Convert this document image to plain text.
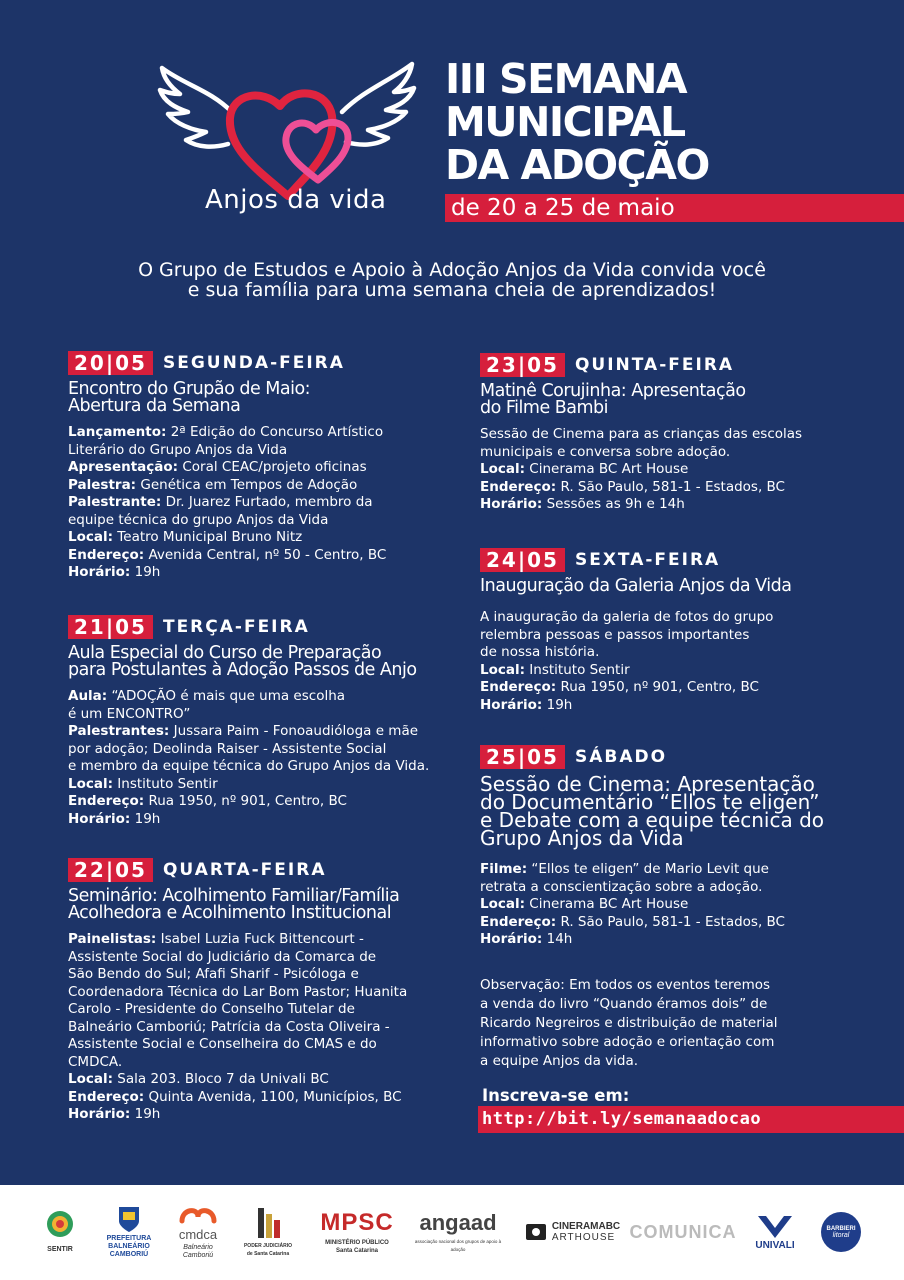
Anjos da vida
III SEMANA
MUNICIPAL
DA ADOÇÃO
de 20 a 25 de maio
O Grupo de Estudos e Apoio à Adoção Anjos da Vida convida você
e sua família para uma semana cheia de aprendizados!
20|05 SEGUNDA-FEIRA
Encontro do Grupão de Maio:
Abertura da Semana
Lançamento: 2ª Edição do Concurso Artístico
Literário do Grupo Anjos da Vida
Apresentação: Coral CEAC/projeto oficinas
Palestra: Genética em Tempos de Adoção
Palestrante: Dr. Juarez Furtado, membro da
equipe técnica do grupo Anjos da Vida
Local: Teatro Municipal Bruno Nitz
Endereço: Avenida Central, nº 50 - Centro, BC
Horário: 19h
21|05 TERÇA-FEIRA
Aula Especial do Curso de Preparação
para Postulantes à Adoção Passos de Anjo
Aula: “ADOÇÃO é mais que uma escolha
é um ENCONTRO”
Palestrantes: Jussara Paim - Fonoaudióloga e mãe
por adoção; Deolinda Raiser - Assistente Social
e membro da equipe técnica do Grupo Anjos da Vida.
Local: Instituto Sentir
Endereço: Rua 1950, nº 901, Centro, BC
Horário: 19h
22|05 QUARTA-FEIRA
Seminário: Acolhimento Familiar/Família
Acolhedora e Acolhimento Institucional
Painelistas: Isabel Luzia Fuck Bittencourt -
Assistente Social do Judiciário da Comarca de
São Bendo do Sul; Afafi Sharif - Psicóloga e
Coordenadora Técnica do Lar Bom Pastor; Huanita
Carolo - Presidente do Conselho Tutelar de
Balneário Camboriú; Patrícia da Costa Oliveira -
Assistente Social e Conselheira do CMAS e do
CMDCA.
Local: Sala 203. Bloco 7 da Univali BC
Endereço: Quinta Avenida, 1100, Municípios, BC
Horário: 19h
23|05 QUINTA-FEIRA
Matinê Corujinha: Apresentação
do Filme Bambi
Sessão de Cinema para as crianças das escolas
municipais e conversa sobre adoção.
Local: Cinerama BC Art House
Endereço: R. São Paulo, 581-1 - Estados, BC
Horário: Sessões as 9h e 14h
24|05 SEXTA-FEIRA
Inauguração da Galeria Anjos da Vida
A inauguração da galeria de fotos do grupo
relembra pessoas e passos importantes
de nossa história.
Local: Instituto Sentir
Endereço: Rua 1950, nº 901, Centro, BC
Horário: 19h
25|05 SÁBADO
Sessão de Cinema: Apresentação
do Documentário “Ellos te eligen”
e Debate com a equipe técnica do
Grupo Anjos da Vida
Filme: “Ellos te eligen” de Mario Levit que
retrata a conscientização sobre a adoção.
Local: Cinerama BC Art House
Endereço: R. São Paulo, 581-1 - Estados, BC
Horário: 14h
Observação: Em todos os eventos teremos
a venda do livro “Quando éramos dois” de
Ricardo Negreiros e distribuição de material
informativo sobre adoção e orientação com
a equipe Anjos da vida.
Inscreva-se em:
http://bit.ly/semanaadocao
SENTIR
PREFEITURA
BALNEÁRIO
CAMBORIÚ
cmdca
Balneário Camboriú
PODER JUDICIÁRIO
de Santa Catarina
MPSC
MINISTÉRIO PÚBLICO
Santa Catarina
angaad
associação nacional dos grupos de apoio à adoção
CINERAMABC
ARTHOUSE COMUNICA
UNIVALI
BARBIERI
litoral
